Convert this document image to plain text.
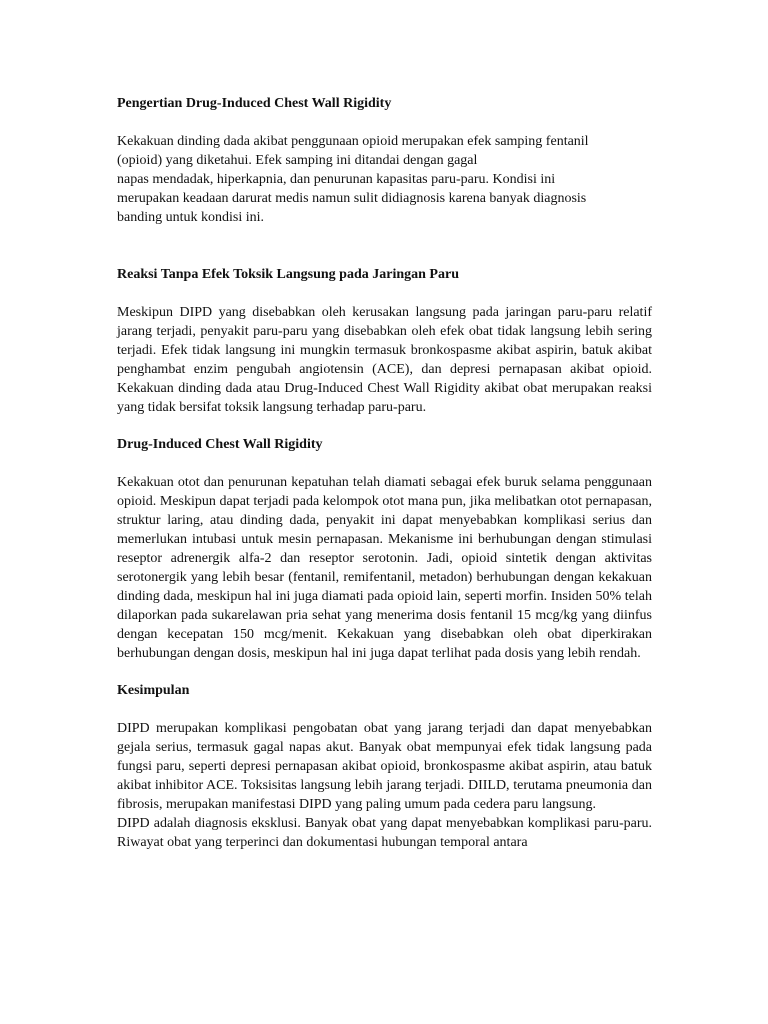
Pengertian Drug-Induced Chest Wall Rigidity

Kekakuan dinding dada akibat penggunaan opioid merupakan efek samping fentanil

(opioid) yang diketahui. Efek samping ini ditandai dengan gagal

napas mendadak, hiperkapnia, dan penurunan kapasitas paru-paru. Kondisi ini

merupakan keadaan darurat medis namun sulit didiagnosis karena banyak diagnosis

banding untuk kondisi ini.

Reaksi Tanpa Efek Toksik Langsung pada Jaringan Paru

Meskipun DIPD yang disebabkan oleh kerusakan langsung pada jaringan paru-paru relatif jarang terjadi, penyakit paru-paru yang disebabkan oleh efek obat tidak langsung lebih sering terjadi. Efek tidak langsung ini mungkin termasuk bronkospasme akibat aspirin, batuk akibat penghambat enzim pengubah angiotensin (ACE), dan depresi pernapasan akibat opioid. Kekakuan dinding dada atau Drug-Induced Chest Wall Rigidity akibat obat merupakan reaksi yang tidak bersifat toksik langsung terhadap paru-paru.

Drug-Induced Chest Wall Rigidity

Kekakuan otot dan penurunan kepatuhan telah diamati sebagai efek buruk selama penggunaan opioid. Meskipun dapat terjadi pada kelompok otot mana pun, jika melibatkan otot pernapasan, struktur laring, atau dinding dada, penyakit ini dapat menyebabkan komplikasi serius dan memerlukan intubasi untuk mesin pernapasan. Mekanisme ini berhubungan dengan stimulasi reseptor adrenergik alfa-2 dan reseptor serotonin. Jadi, opioid sintetik dengan aktivitas serotonergik yang lebih besar (fentanil, remifentanil, metadon) berhubungan dengan kekakuan dinding dada, meskipun hal ini juga diamati pada opioid lain, seperti morfin. Insiden 50% telah dilaporkan pada sukarelawan pria sehat yang menerima dosis fentanil 15 mcg/kg yang diinfus dengan kecepatan 150 mcg/menit. Kekakuan yang disebabkan oleh obat diperkirakan berhubungan dengan dosis, meskipun hal ini juga dapat terlihat pada dosis yang lebih rendah.

Kesimpulan

DIPD merupakan komplikasi pengobatan obat yang jarang terjadi dan dapat menyebabkan gejala serius, termasuk gagal napas akut. Banyak obat mempunyai efek tidak langsung pada fungsi paru, seperti depresi pernapasan akibat opioid, bronkospasme akibat aspirin, atau batuk akibat inhibitor ACE. Toksisitas langsung lebih jarang terjadi. DIILD, terutama pneumonia dan fibrosis, merupakan manifestasi DIPD yang paling umum pada cedera paru langsung.

DIPD adalah diagnosis eksklusi. Banyak obat yang dapat menyebabkan komplikasi paru-paru. Riwayat obat yang terperinci dan dokumentasi hubungan temporal antara
